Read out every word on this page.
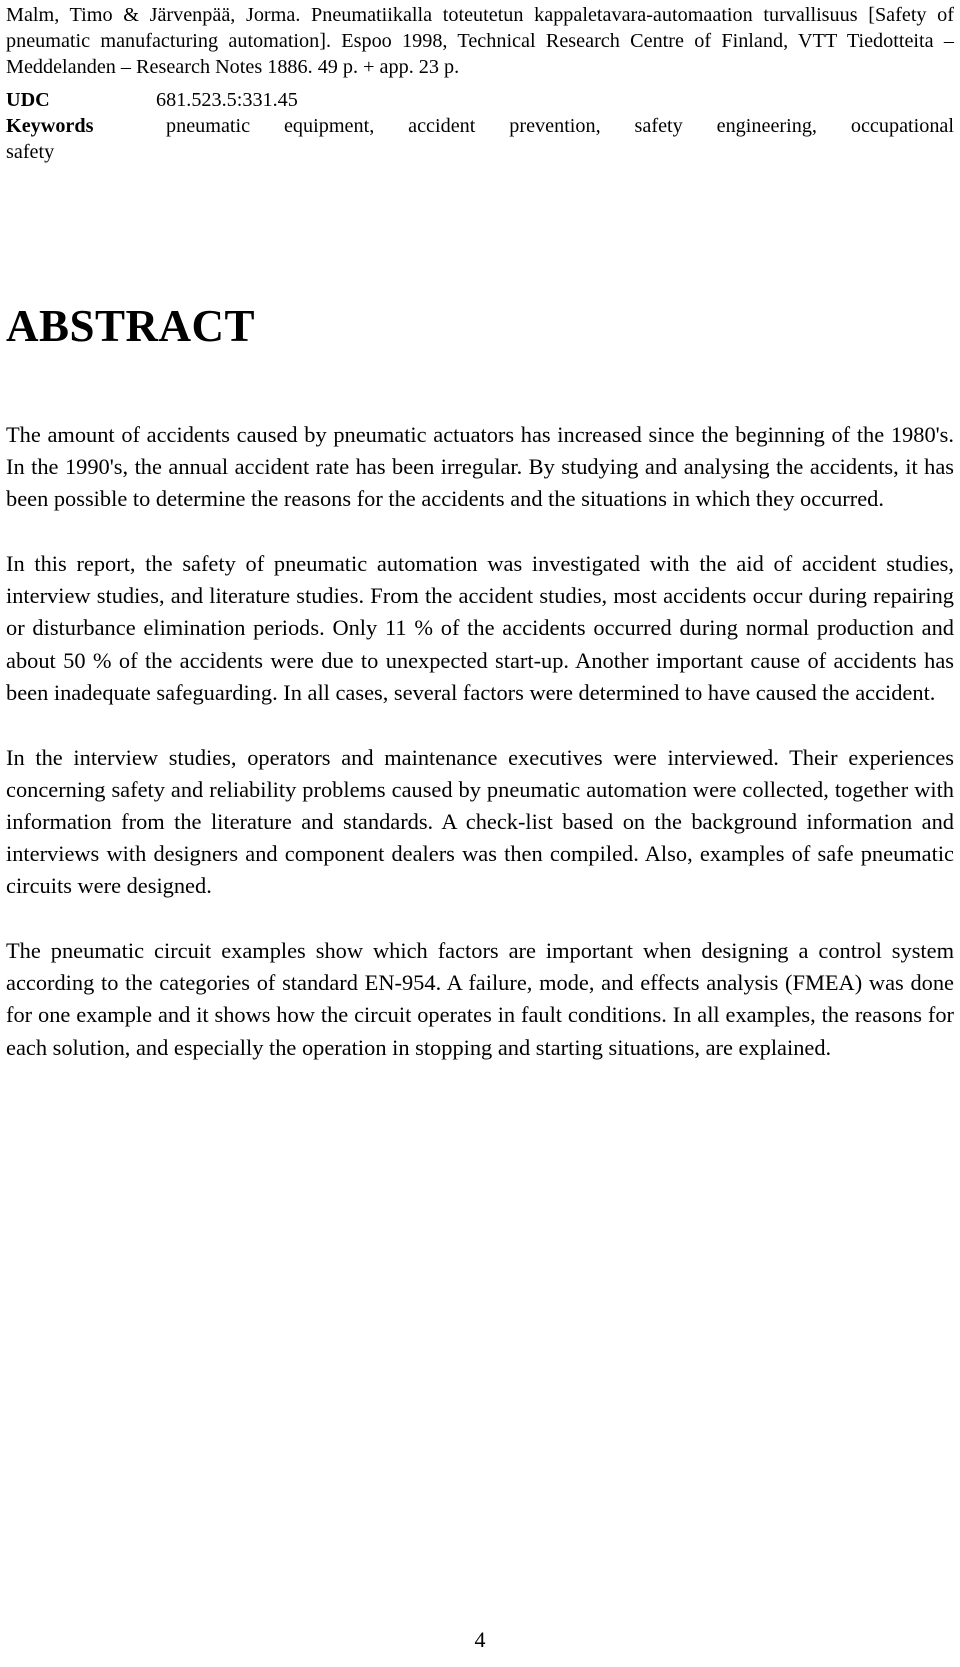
Malm, Timo & Järvenpää, Jorma. Pneumatiikalla toteutetun kappaletavara-automaation turvallisuus [Safety of pneumatic manufacturing automation]. Espoo 1998, Technical Research Centre of Finland, VTT Tiedotteita – Meddelanden – Research Notes 1886. 49 p. + app. 23 p.

UDC	681.523.5:331.45
Keywords	pneumatic equipment, accident prevention, safety engineering, occupational
safety
ABSTRACT

The amount of accidents caused by pneumatic actuators has increased since the beginning of the 1980's. In the 1990's, the annual accident rate has been irregular. By studying and analysing the accidents, it has been possible to determine the reasons for the accidents and the situations in which they occurred.

In this report, the safety of pneumatic automation was investigated with the aid of accident studies, interview studies, and literature studies. From the accident studies, most accidents occur during repairing or disturbance elimination periods. Only 11 % of the accidents occurred during normal production and about 50 % of the accidents were due to unexpected start-up. Another important cause of accidents has been inadequate safeguarding. In all cases, several factors were determined to have caused the accident.

In the interview studies, operators and maintenance executives were interviewed. Their experiences concerning safety and reliability problems caused by pneumatic automation were collected, together with information from the literature and standards. A check-list based on the background information and interviews with designers and component dealers was then compiled. Also, examples of safe pneumatic circuits were designed.

The pneumatic circuit examples show which factors are important when designing a control system according to the categories of standard EN-954. A failure, mode, and effects analysis (FMEA) was done for one example and it shows how the circuit operates in fault conditions. In all examples, the reasons for each solution, and especially the operation in stopping and starting situations, are explained.

4
